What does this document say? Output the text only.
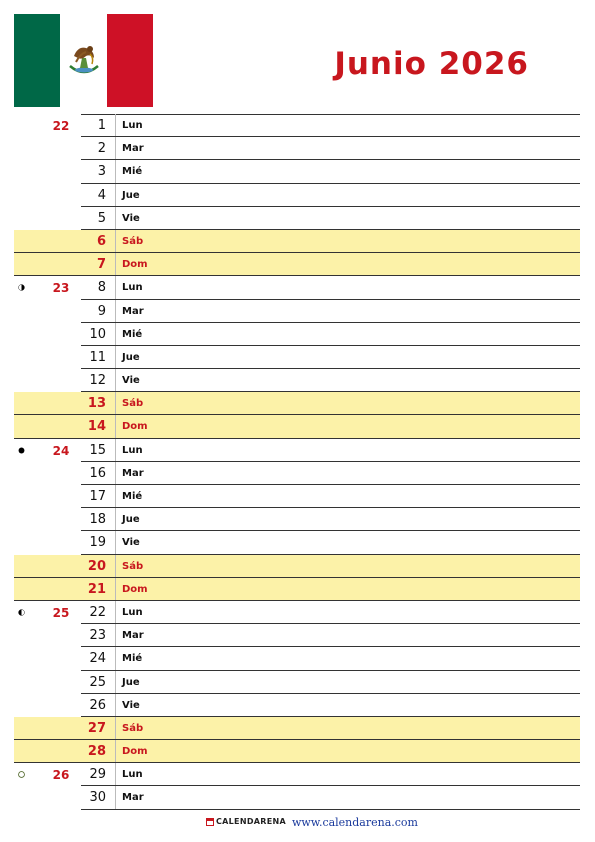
Junio 2026
22	1 Lun
2 Mar
3 Mié
4 Jue
5 Vie
6 Sáb
7 Dom
23	8 Lun
9 Mar
10 Mié
11 Jue
12 Vie
13 Sáb
14 Dom
24	15 Lun
16 Mar
17 Mié
18 Jue
19 Vie
20 Sáb
21 Dom
25	22 Lun
23 Mar
24 Mié
25 Jue
26 Vie
27 Sáb
28 Dom
26	29 Lun
30 Mar
CALENDARENA www.calendarena.com
